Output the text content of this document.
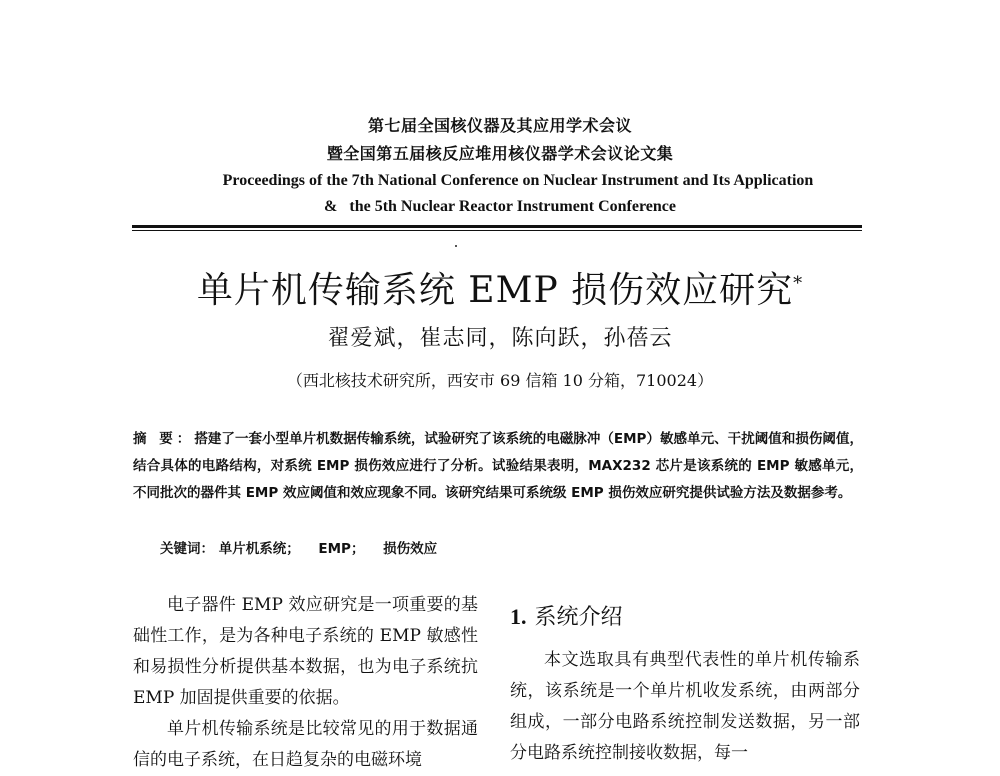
第七届全国核仪器及其应用学术会议
暨全国第五届核反应堆用核仪器学术会议论文集
Proceedings of the 7th National Conference on Nuclear Instrument and Its Application
&   the 5th Nuclear Reactor Instrument Conference
单片机传输系统 EMP 损伤效应研究*
翟爱斌，崔志同，陈向跃，孙蓓云
（西北核技术研究所，西安市 69 信箱 10 分箱，710024）
摘 要：搭建了一套小型单片机数据传输系统，试验研究了该系统的电磁脉冲（EMP）敏感单元、干扰阈值和损伤阈值，结合具体的电路结构，对系统 EMP 损伤效应进行了分析。试验结果表明，MAX232 芯片是该系统的 EMP 敏感单元，不同批次的器件其 EMP 效应阈值和效应现象不同。该研究结果可系统级 EMP 损伤效应研究提供试验方法及数据参考。
关键词： 单片机系统； EMP； 损伤效应

电子器件 EMP 效应研究是一项重要的基础性工作，是为各种电子系统的 EMP 敏感性和易损性分析提供基本数据，也为电子系统抗 EMP 加固提供重要的依据。

单片机传输系统是比较常见的用于数据通信的电子系统，在日趋复杂的电磁环境

1. 系统介绍

本文选取具有典型代表性的单片机传输系统，该系统是一个单片机收发系统，由两部分组成，一部分电路系统控制发送数据，另一部分电路系统控制接收数据，每一
